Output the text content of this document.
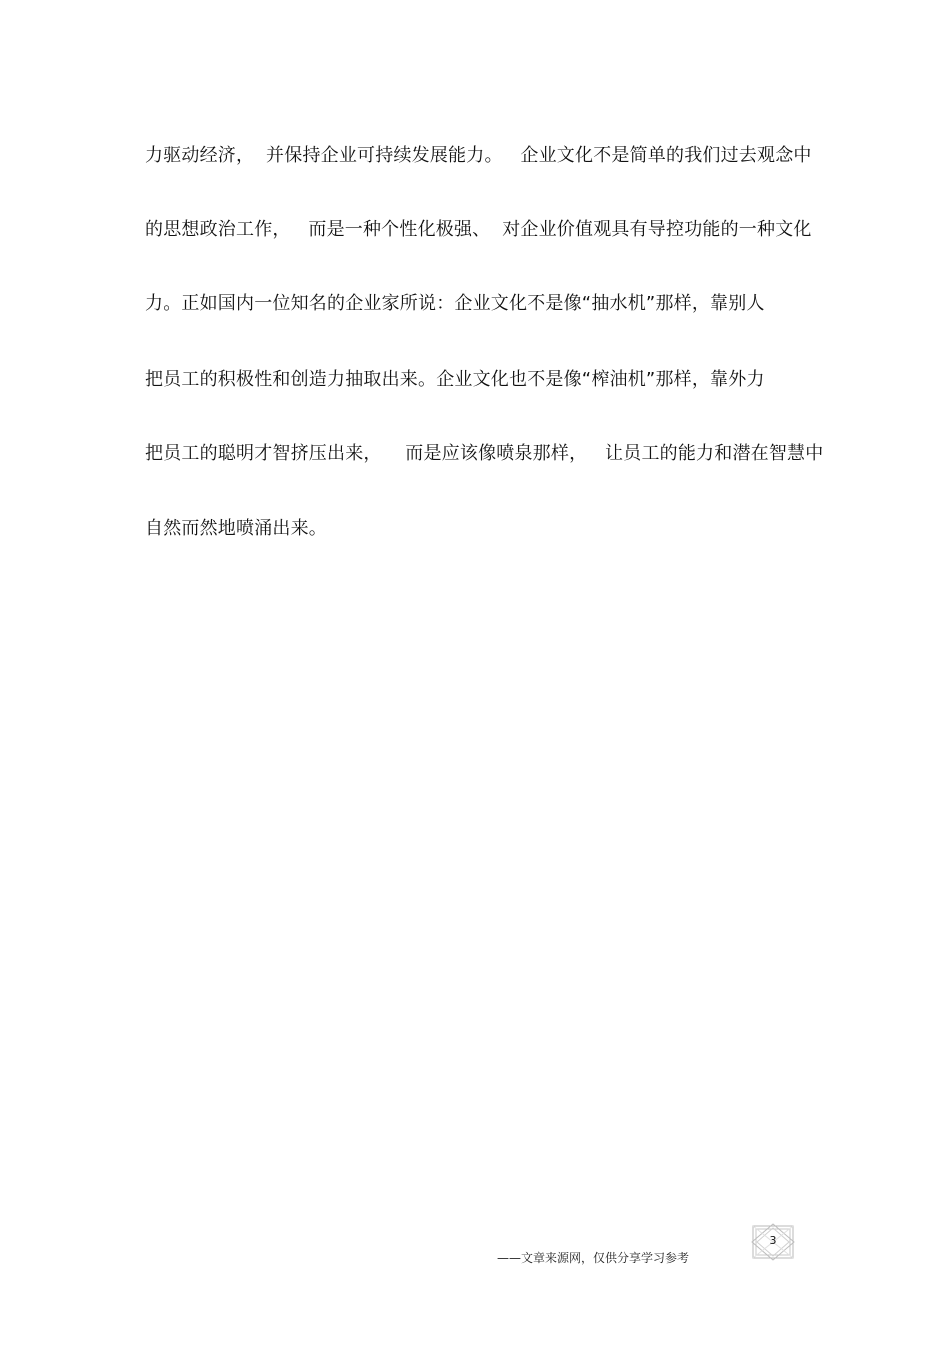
力驱动经济，  并保持企业可持续发展能力。   企业文化不是简单的我们过去观念中
的思想政治工作，   而是一种个性化极强、  对企业价值观具有导控功能的一种文化
力。正如国内一位知名的企业家所说：企业文化不是像“抽水机”那样，靠别人
把员工的积极性和创造力抽取出来。企业文化也不是像“榨油机”那样，靠外力
把员工的聪明才智挤压出来，    而是应该像喷泉那样，   让员工的能力和潜在智慧中
自然而然地喷涌出来。
——文章来源网，仅供分享学习参考
3
